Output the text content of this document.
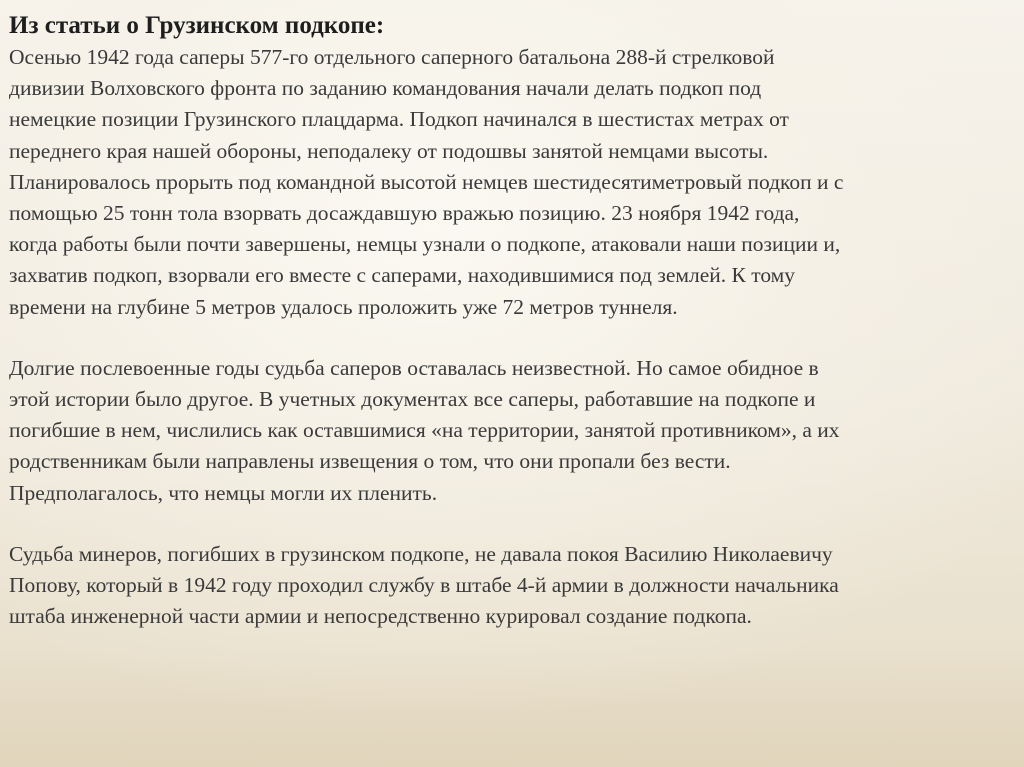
Из статьи о Грузинском подкопе:

Осенью 1942 года саперы 577-го отдельного саперного батальона 288-й стрелковой
дивизии Волховского фронта по заданию командования начали делать подкоп под
немецкие позиции Грузинского плацдарма. Подкоп начинался в шестистах метрах от
переднего края нашей обороны, неподалеку от подошвы занятой немцами высоты.
Планировалось прорыть под командной высотой немцев шестидесятиметровый подкоп и с
помощью 25 тонн тола взорвать досаждавшую вражью позицию. 23 ноября 1942 года,
когда работы были почти завершены, немцы узнали о подкопе, атаковали наши позиции и,
захватив подкоп, взорвали его вместе с саперами, находившимися под землей. К тому
времени на глубине 5 метров удалось проложить уже 72 метров туннеля.

Долгие послевоенные годы судьба саперов оставалась неизвестной. Но самое обидное в
этой истории было другое. В учетных документах все саперы, работавшие на подкопе и
погибшие в нем, числились как оставшимися «на территории, занятой противником», а их
родственникам были направлены извещения о том, что они пропали без вести.
Предполагалось, что немцы могли их пленить.

Судьба минеров, погибших в грузинском подкопе, не давала покоя Василию Николаевичу
Попову, который в 1942 году проходил службу в штабе 4-й армии в должности начальника
штаба инженерной части армии и непосредственно курировал создание подкопа.
